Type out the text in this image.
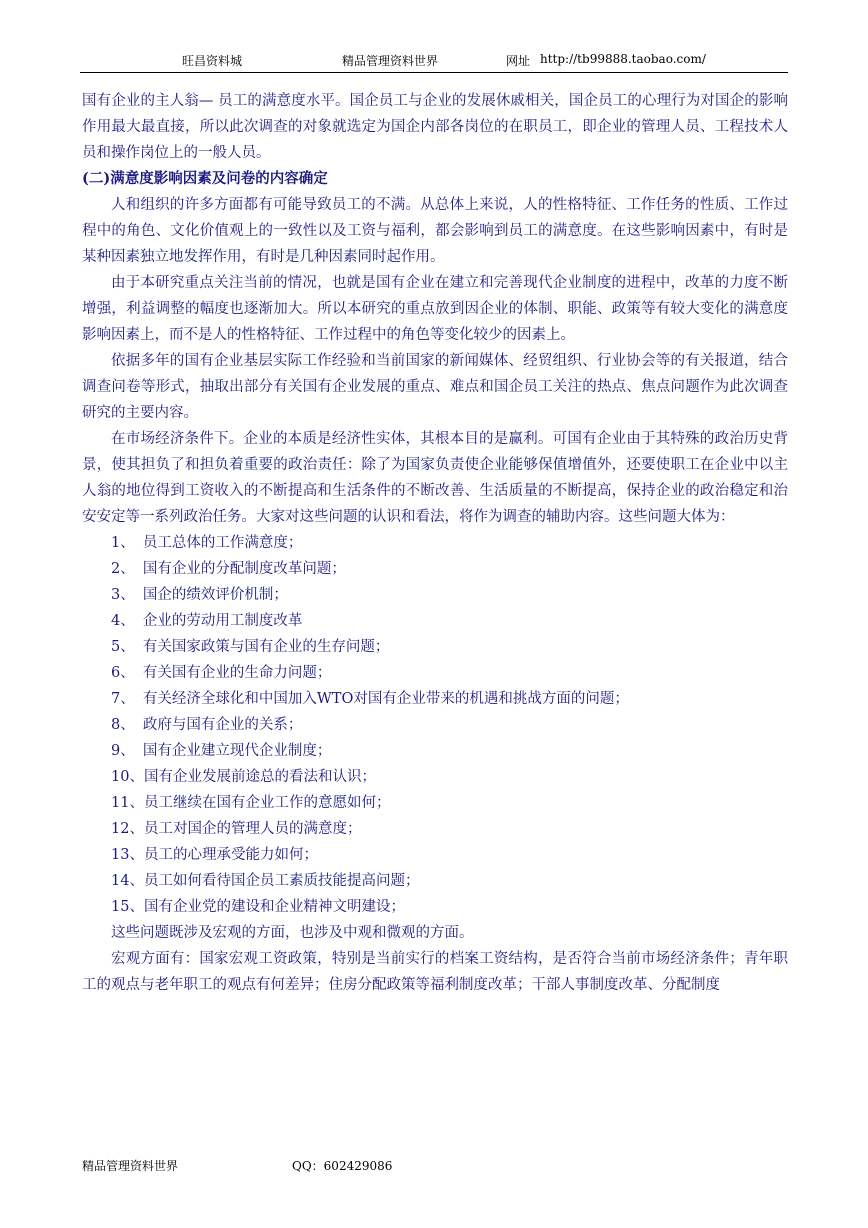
旺昌资料城	精品管理资料世界	网址 http://tb99888.taobao.com/

国有企业的主人翁— 员工的满意度水平。国企员工与企业的发展休戚相关，国企员工的心理行为对国企的影响作用最大最直接，所以此次调查的对象就选定为国企内部各岗位的在职员工，即企业的管理人员、工程技术人员和操作岗位上的一般人员。

(二)满意度影响因素及问卷的内容确定

人和组织的许多方面都有可能导致员工的不满。从总体上来说，人的性格特征、工作任务的性质、工作过程中的角色、文化价值观上的一致性以及工资与福利，都会影响到员工的满意度。在这些影响因素中，有时是某种因素独立地发挥作用，有时是几种因素同时起作用。

由于本研究重点关注当前的情况，也就是国有企业在建立和完善现代企业制度的进程中，改革的力度不断增强，利益调整的幅度也逐渐加大。所以本研究的重点放到因企业的体制、职能、政策等有较大变化的满意度影响因素上，而不是人的性格特征、工作过程中的角色等变化较少的因素上。

依据多年的国有企业基层实际工作经验和当前国家的新闻媒体、经贸组织、行业协会等的有关报道，结合调查问卷等形式，抽取出部分有关国有企业发展的重点、难点和国企员工关注的热点、焦点问题作为此次调查研究的主要内容。

在市场经济条件下。企业的本质是经济性实体，其根本目的是赢利。可国有企业由于其特殊的政治历史背景，使其担负了和担负着重要的政治责任：除了为国家负责使企业能够保值增值外，还要使职工在企业中以主人翁的地位得到工资收入的不断提高和生活条件的不断改善、生活质量的不断提高，保持企业的政治稳定和治安安定等一系列政治任务。大家对这些问题的认识和看法，将作为调查的辅助内容。这些问题大体为：

1、 员工总体的工作满意度；
2、 国有企业的分配制度改革问题；
3、 国企的绩效评价机制；
4、 企业的劳动用工制度改革
5、 有关国家政策与国有企业的生存问题；
6、 有关国有企业的生命力问题；
7、 有关经济全球化和中国加入WTO对国有企业带来的机遇和挑战方面的问题；
8、 政府与国有企业的关系；
9、 国有企业建立现代企业制度；
10、 国有企业发展前途总的看法和认识；
11、 员工继续在国有企业工作的意愿如何；
12、 员工对国企的管理人员的满意度；
13、 员工的心理承受能力如何；
14、 员工如何看待国企员工素质技能提高问题；
15、 国有企业党的建设和企业精神文明建设；

这些问题既涉及宏观的方面，也涉及中观和微观的方面。

宏观方面有：国家宏观工资政策，特别是当前实行的档案工资结构，是否符合当前市场经济条件；青年职工的观点与老年职工的观点有何差异；住房分配政策等福利制度改革；干部人事制度改革、分配制度

精品管理资料世界	QQ：602429086
